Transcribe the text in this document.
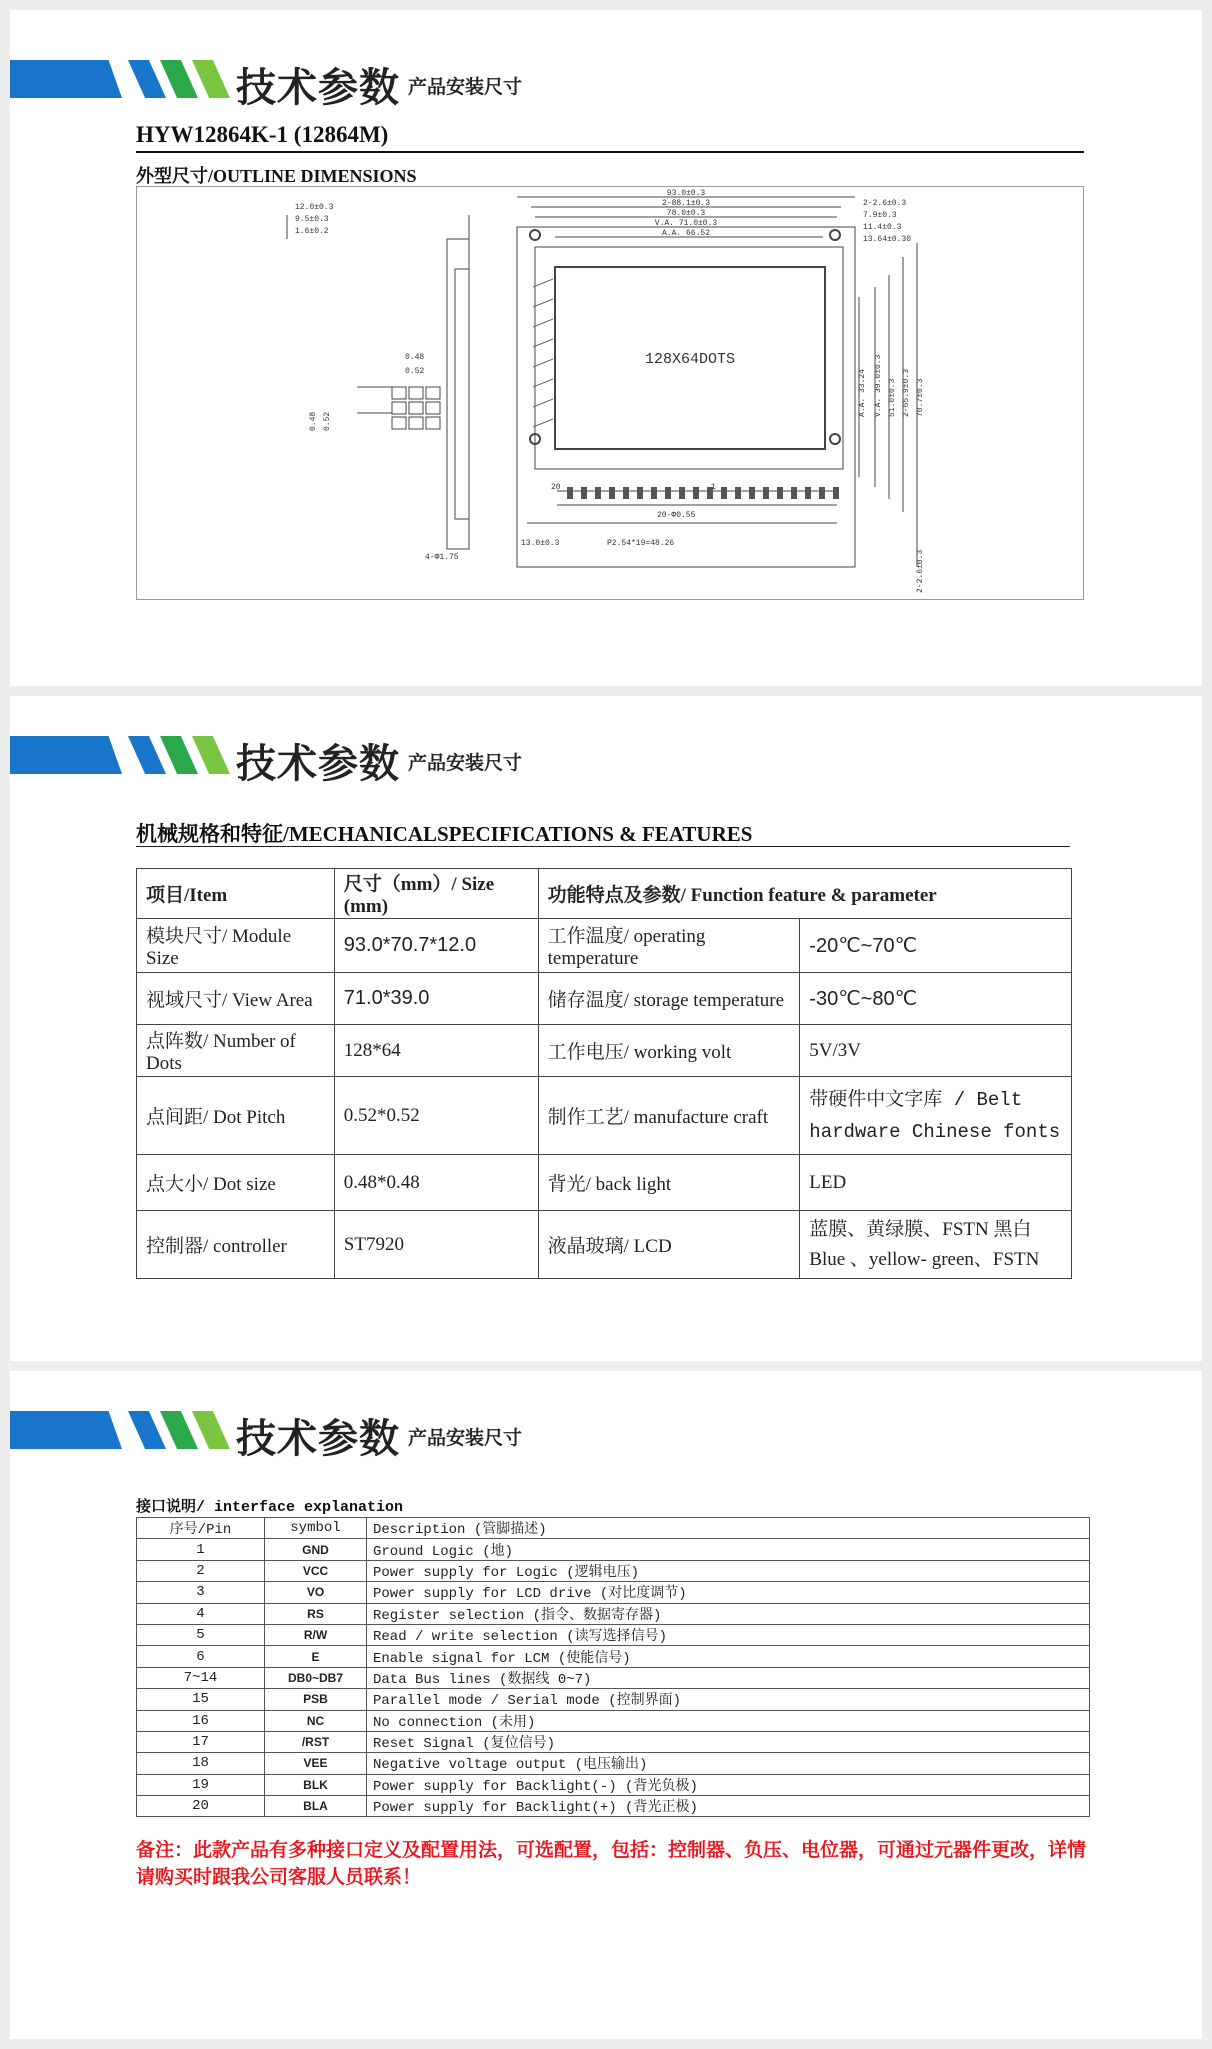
技术参数 产品安装尺寸
HYW12864K-1 (12864M)
外型尺寸/OUTLINE DIMENSIONS
128X64DOTS
93.0±0.3
2-88.1±0.3
78.0±0.3
V.A. 71.0±0.3
A.A. 66.52
2-2.6±0.3
7.9±0.3
11.4±0.3
13.64±0.30
12.0±0.3
9.5±0.3
1.6±0.2
0.48
0.52
0.48 0.52
A.A. 33.24 V.A. 39.0±0.3 51.0±0.3 2-65.9±0.3 70.7±0.3
2-2.6±0.3
4-Φ1.75
13.0±0.3	P2.54*19=48.26
20-Φ0.55
20	1
技术参数 产品安装尺寸
机械规格和特征/MECHANICALSPECIFICATIONS & FEATURES
项目/Item	尺寸（mm）/ Size (mm)	功能特点及参数/ Function feature & parameter	
模块尺寸/ Module Size	93.0*70.7*12.0	工作温度/ operating temperature	-20℃~70℃
视域尺寸/ View Area	71.0*39.0	储存温度/ storage temperature	-30℃~80℃
点阵数/ Number of Dots	128*64	工作电压/ working volt	5V/3V
点间距/ Dot Pitch	0.52*0.52	制作工艺/ manufacture craft	带硬件中文字库 / Belt hardware Chinese fonts
点大小/ Dot size	0.48*0.48	背光/ back light	LED
控制器/ controller	ST7920	液晶玻璃/ LCD	蓝膜、黄绿膜、FSTN 黑白 Blue 、yellow- green、FSTN
技术参数 产品安装尺寸
接口说明/ interface explanation
序号/Pin	symbol	Description (管脚描述)
1	GND	Ground Logic (地)
2	VCC	Power supply for Logic (逻辑电压)
3	VO	Power supply for LCD drive (对比度调节)
4	RS	Register selection (指令、数据寄存器)
5	R/W	Read / write selection (读写选择信号)
6	E	Enable signal for LCM (使能信号)
7~14	DB0~DB7	Data Bus lines (数据线 0~7)
15	PSB	Parallel mode / Serial mode (控制界面)
16	NC	No connection (未用)
17	/RST	Reset Signal (复位信号)
18	VEE	Negative voltage output (电压输出)
19	BLK	Power supply for Backlight(-) (背光负极)
20	BLA	Power supply for Backlight(+) (背光正极)
备注：此款产品有多种接口定义及配置用法，可选配置，包括：控制器、负压、电位器，可通过元器件更改，详情请购买时跟我公司客服人员联系！
